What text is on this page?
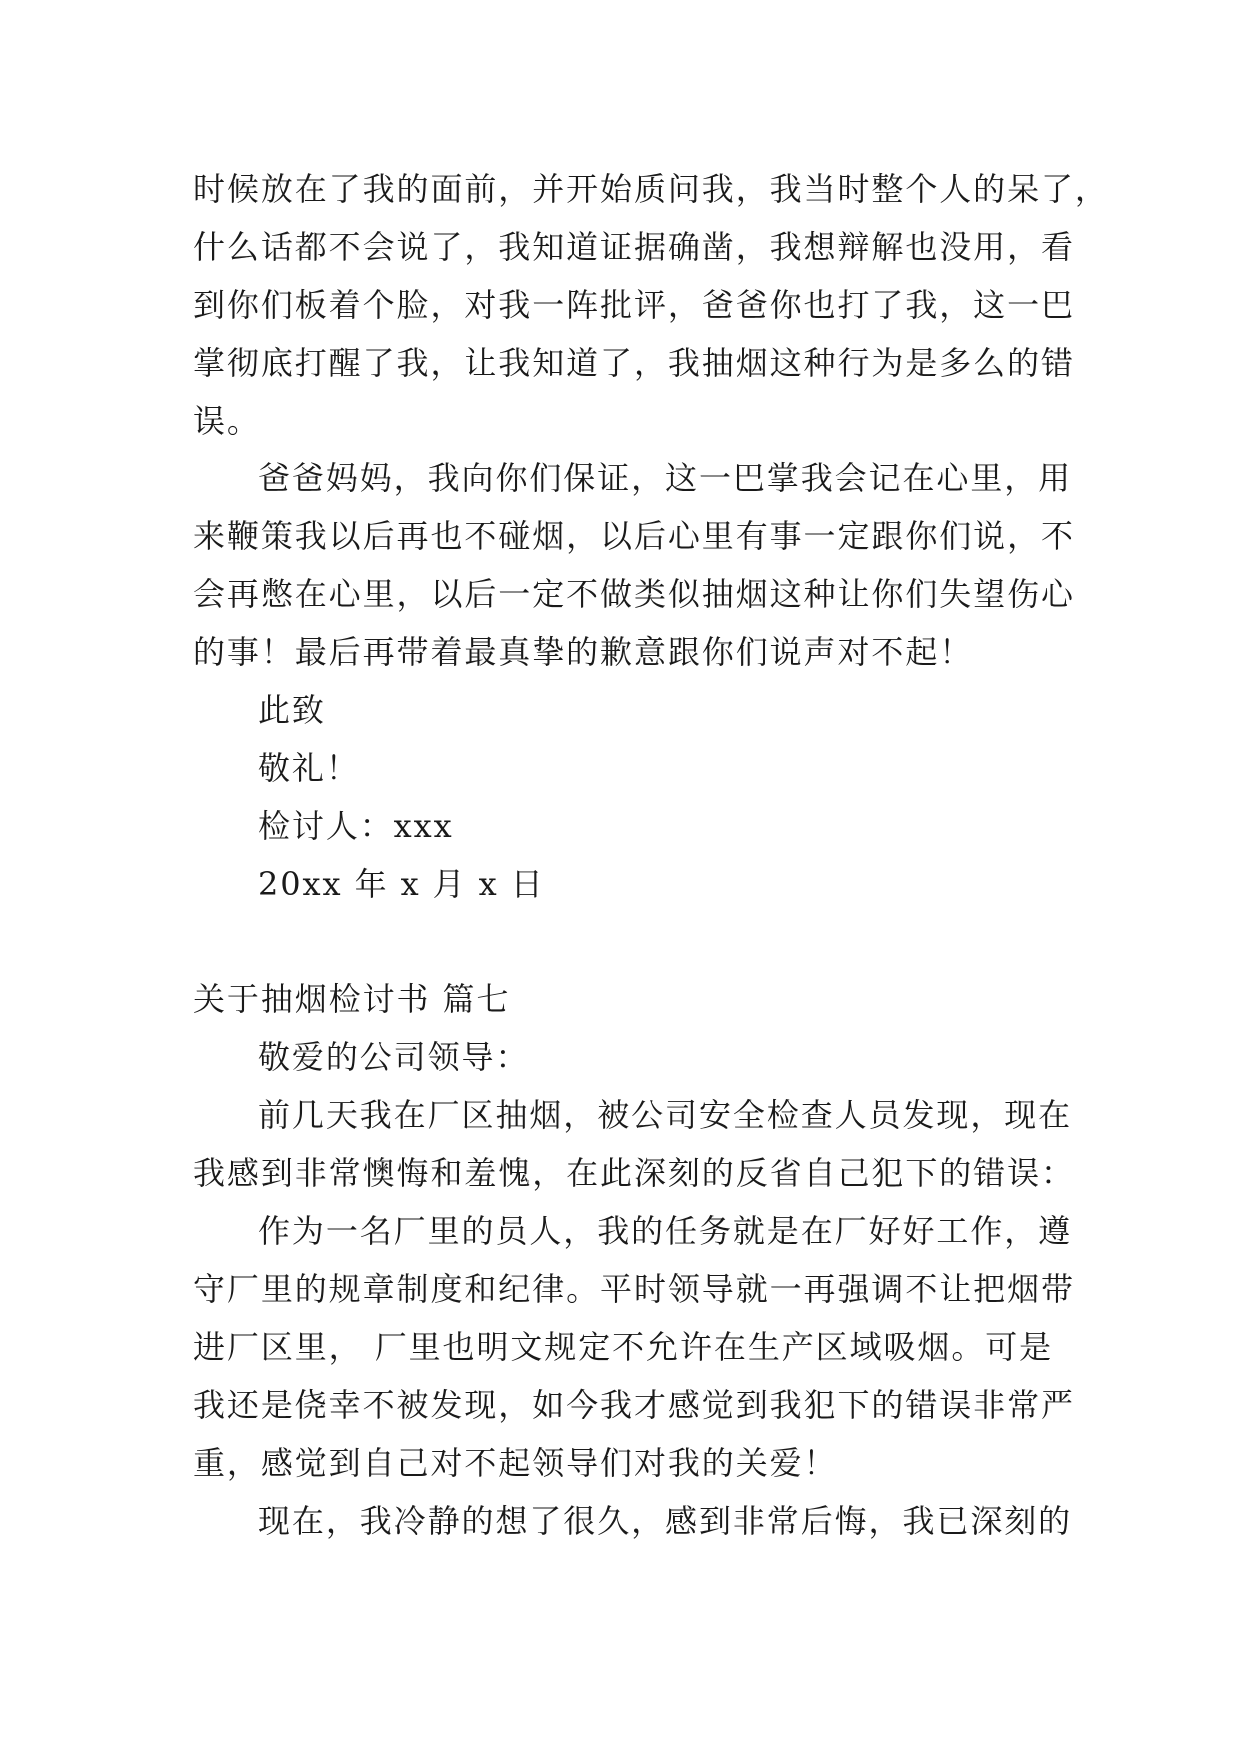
时候放在了我的面前，并开始质问我，我当时整个人的呆了，
什么话都不会说了，我知道证据确凿，我想辩解也没用，看
到你们板着个脸，对我一阵批评，爸爸你也打了我，这一巴
掌彻底打醒了我，让我知道了，我抽烟这种行为是多么的错
误。
爸爸妈妈，我向你们保证，这一巴掌我会记在心里，用
来鞭策我以后再也不碰烟，以后心里有事一定跟你们说，不
会再憋在心里，以后一定不做类似抽烟这种让你们失望伤心
的事！最后再带着最真挚的歉意跟你们说声对不起！
此致
敬礼！
检讨人：xxx
20xx 年 x 月 x 日
关于抽烟检讨书 篇七
敬爱的公司领导：
前几天我在厂区抽烟，被公司安全检查人员发现，现在
我感到非常懊悔和羞愧，在此深刻的反省自己犯下的错误：
作为一名厂里的员人，我的任务就是在厂好好工作，遵
守厂里的规章制度和纪律。平时领导就一再强调不让把烟带
进厂区里， 厂里也明文规定不允许在生产区域吸烟。可是
我还是侥幸不被发现，如今我才感觉到我犯下的错误非常严
重，感觉到自己对不起领导们对我的关爱！
现在，我冷静的想了很久，感到非常后悔，我已深刻的
